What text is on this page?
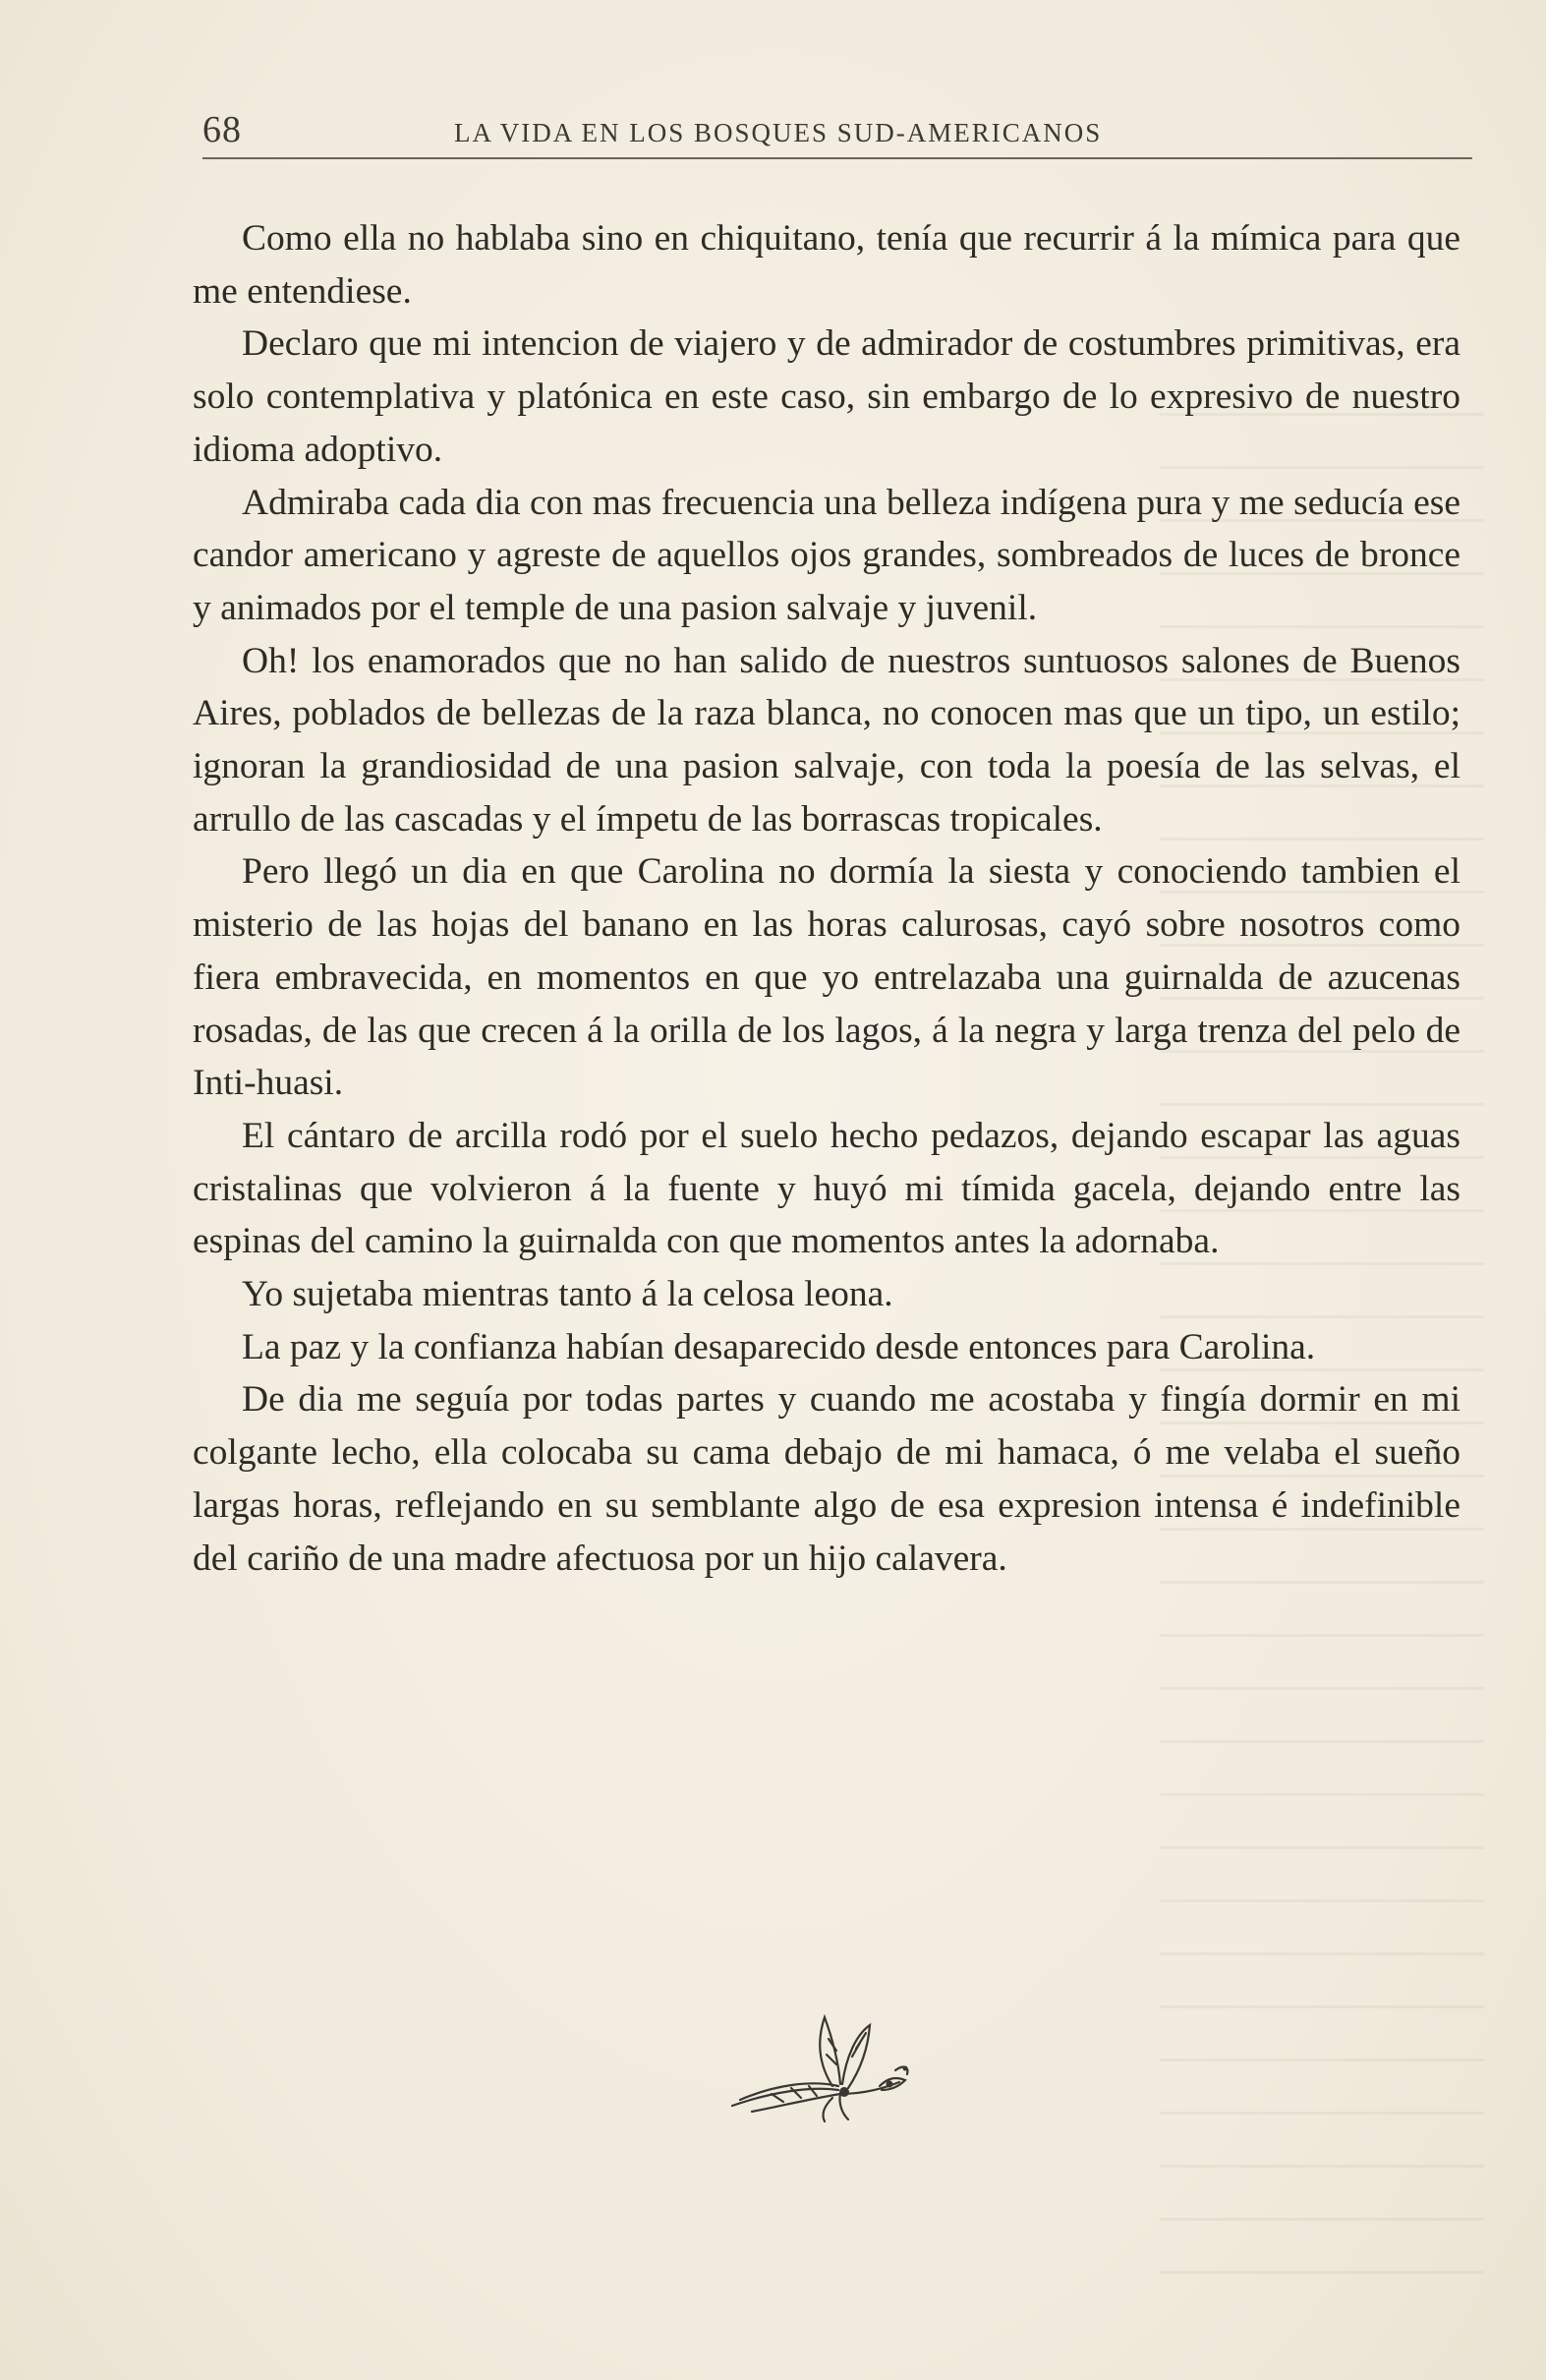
68	LA VIDA EN LOS BOSQUES SUD-AMERICANOS

Como ella no hablaba sino en chiquitano, tenía que recurrir á la mímica para que me entendiese.

Declaro que mi intencion de viajero y de admirador de costumbres primitivas, era solo contemplativa y platónica en este caso, sin embargo de lo expresivo de nuestro idioma adoptivo.

Admiraba cada dia con mas frecuencia una belleza indígena pura y me seducía ese candor americano y agreste de aquellos ojos grandes, sombreados de luces de bronce y animados por el temple de una pasion salvaje y juvenil.

Oh! los enamorados que no han salido de nuestros suntuosos salones de Buenos Aires, poblados de bellezas de la raza blanca, no conocen mas que un tipo, un estilo; ignoran la grandiosidad de una pasion salvaje, con toda la poesía de las selvas, el arrullo de las cascadas y el ímpetu de las borrascas tropicales.

Pero llegó un dia en que Carolina no dormía la siesta y conociendo tambien el misterio de las hojas del banano en las horas calurosas, cayó sobre nosotros como fiera embravecida, en momentos en que yo entrelazaba una guirnalda de azucenas rosadas, de las que crecen á la orilla de los lagos, á la negra y larga trenza del pelo de Inti-huasi.

El cántaro de arcilla rodó por el suelo hecho pedazos, dejando escapar las aguas cristalinas que volvieron á la fuente y huyó mi tímida gacela, dejando entre las espinas del camino la guirnalda con que momentos antes la adornaba.

Yo sujetaba mientras tanto á la celosa leona.

La paz y la confianza habían desaparecido desde entonces para Carolina.

De dia me seguía por todas partes y cuando me acostaba y fingía dormir en mi colgante lecho, ella colocaba su cama debajo de mi hamaca, ó me velaba el sueño largas horas, reflejando en su semblante algo de esa expresion intensa é indefinible del cariño de una madre afectuosa por un hijo calavera.
